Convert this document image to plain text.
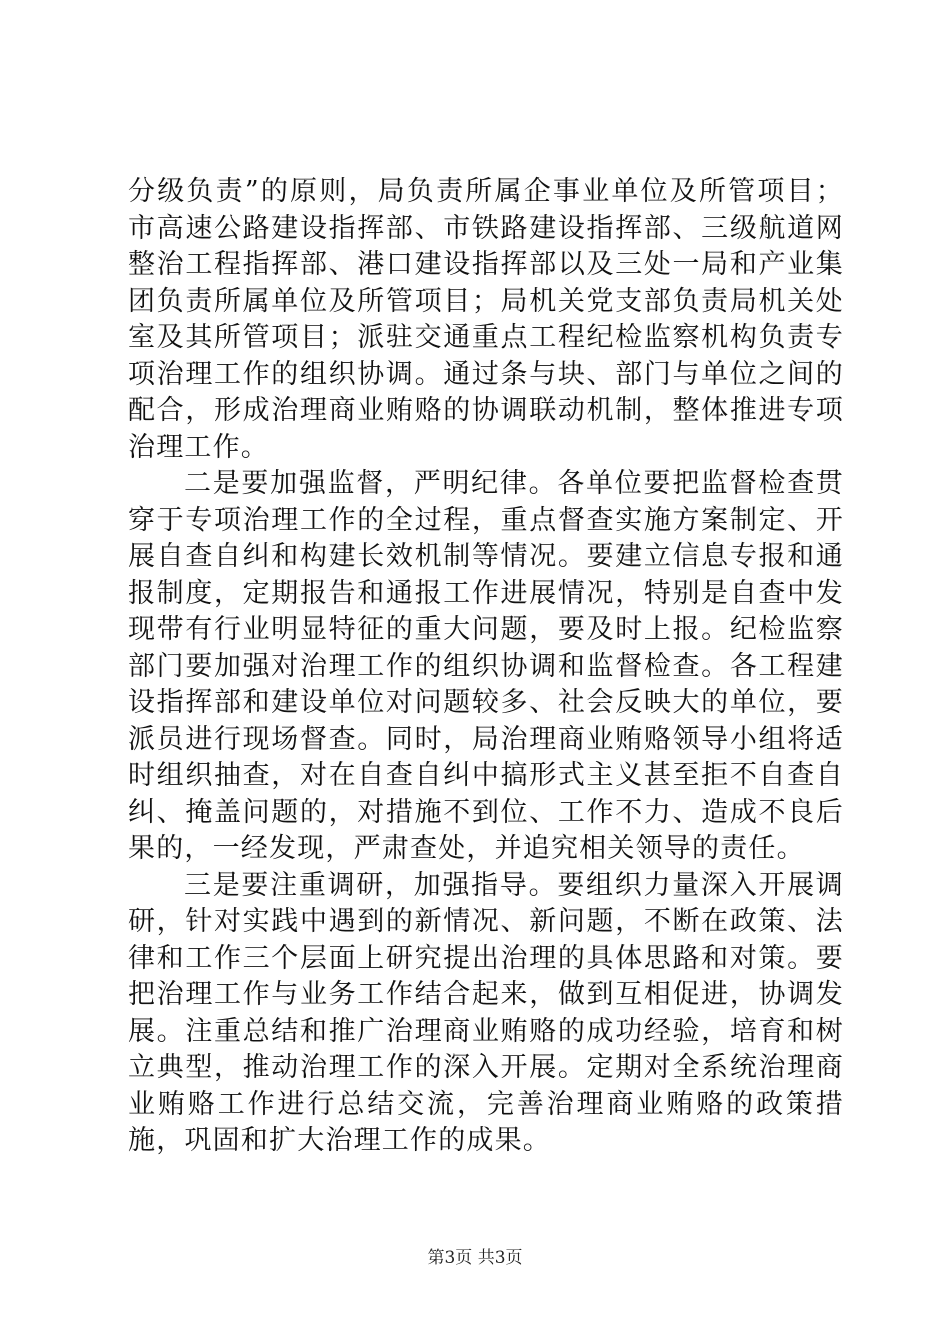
分级负责”的原则，局负责所属企事业单位及所管项目；市高速公路建设指挥部、市铁路建设指挥部、三级航道网整治工程指挥部、港口建设指挥部以及三处一局和产业集团负责所属单位及所管项目；局机关党支部负责局机关处室及其所管项目；派驻交通重点工程纪检监察机构负责专项治理工作的组织协调。通过条与块、部门与单位之间的配合，形成治理商业贿赂的协调联动机制，整体推进专项治理工作。

二是要加强监督，严明纪律。各单位要把监督检查贯穿于专项治理工作的全过程，重点督查实施方案制定、开展自查自纠和构建长效机制等情况。要建立信息专报和通报制度，定期报告和通报工作进展情况，特别是自查中发现带有行业明显特征的重大问题，要及时上报。纪检监察部门要加强对治理工作的组织协调和监督检查。各工程建设指挥部和建设单位对问题较多、社会反映大的单位，要派员进行现场督查。同时，局治理商业贿赂领导小组将适时组织抽查，对在自查自纠中搞形式主义甚至拒不自查自纠、掩盖问题的，对措施不到位、工作不力、造成不良后果的，一经发现，严肃查处，并追究相关领导的责任。

三是要注重调研，加强指导。要组织力量深入开展调研，针对实践中遇到的新情况、新问题，不断在政策、法律和工作三个层面上研究提出治理的具体思路和对策。要把治理工作与业务工作结合起来，做到互相促进，协调发展。注重总结和推广治理商业贿赂的成功经验，培育和树立典型，推动治理工作的深入开展。定期对全系统治理商业贿赂工作进行总结交流，完善治理商业贿赂的政策措施，巩固和扩大治理工作的成果。

第3页 共3页
